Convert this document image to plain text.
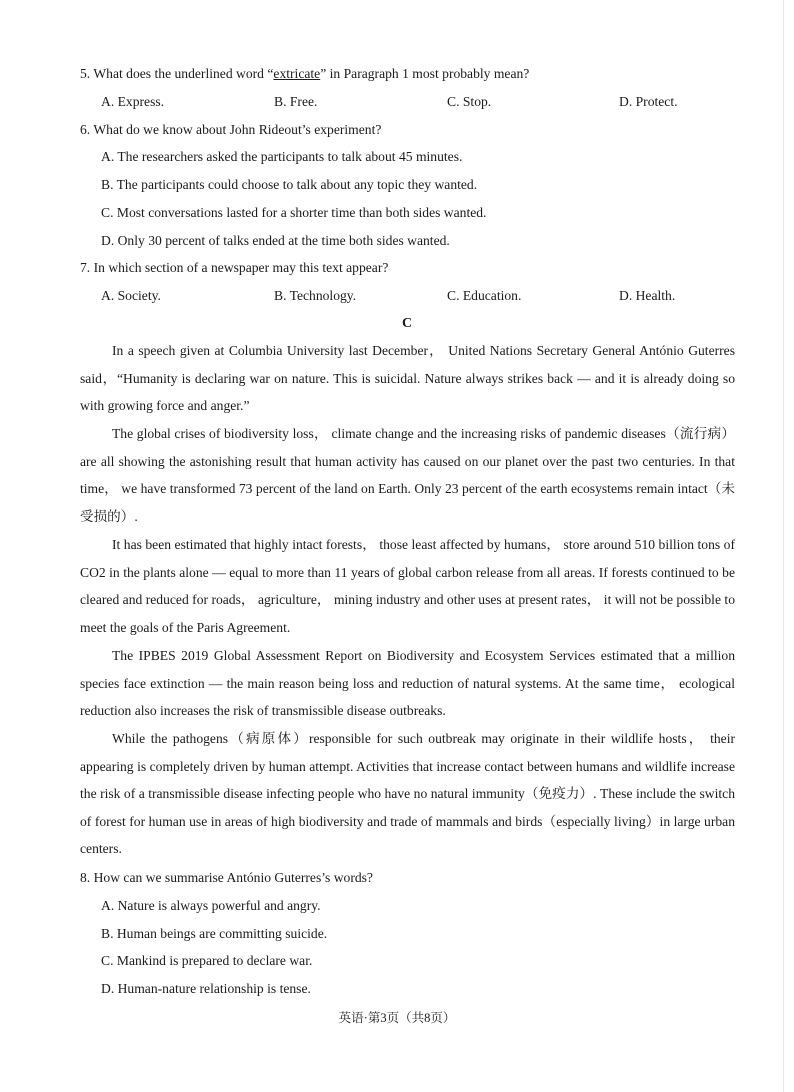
5. What does the underlined word “extricate” in Paragraph 1 most probably mean?
A. Express.	B. Free.	C. Stop.	D. Protect.
6. What do we know about John Rideout’s experiment?
A. The researchers asked the participants to talk about 45 minutes.
B. The participants could choose to talk about any topic they wanted.
C. Most conversations lasted for a shorter time than both sides wanted.
D. Only 30 percent of talks ended at the time both sides wanted.
7. In which section of a newspaper may this text appear?
A. Society.	B. Technology.	C. Education.	D. Health.
C

In a speech given at Columbia University last December， United Nations Secretary General António Guterres said，“Humanity is declaring war on nature. This is suicidal. Nature always strikes back — and it is already doing so with growing force and anger.”

The global crises of biodiversity loss， climate change and the increasing risks of pandemic diseases（流行病）are all showing the astonishing result that human activity has caused on our planet over the past two centuries. In that time， we have transformed 73 percent of the land on Earth. Only 23 percent of the earth ecosystems remain intact（未受损的）.

It has been estimated that highly intact forests， those least affected by humans， store around 510 billion tons of CO2 in the plants alone — equal to more than 11 years of global carbon release from all areas. If forests continued to be cleared and reduced for roads， agriculture， mining industry and other uses at present rates， it will not be possible to meet the goals of the Paris Agreement.

The IPBES 2019 Global Assessment Report on Biodiversity and Ecosystem Services estimated that a million species face extinction — the main reason being loss and reduction of natural systems. At the same time， ecological reduction also increases the risk of transmissible disease outbreaks.

While the pathogens（病原体）responsible for such outbreak may originate in their wildlife hosts， their appearing is completely driven by human attempt. Activities that increase contact between humans and wildlife increase the risk of a transmissible disease infecting people who have no natural immunity（免疫力）. These include the switch of forest for human use in areas of high biodiversity and trade of mammals and birds（especially living）in large urban centers.

8. How can we summarise António Guterres’s words?
A. Nature is always powerful and angry.
B. Human beings are committing suicide.
C. Mankind is prepared to declare war.
D. Human-nature relationship is tense.
英语·第3页（共8页）
